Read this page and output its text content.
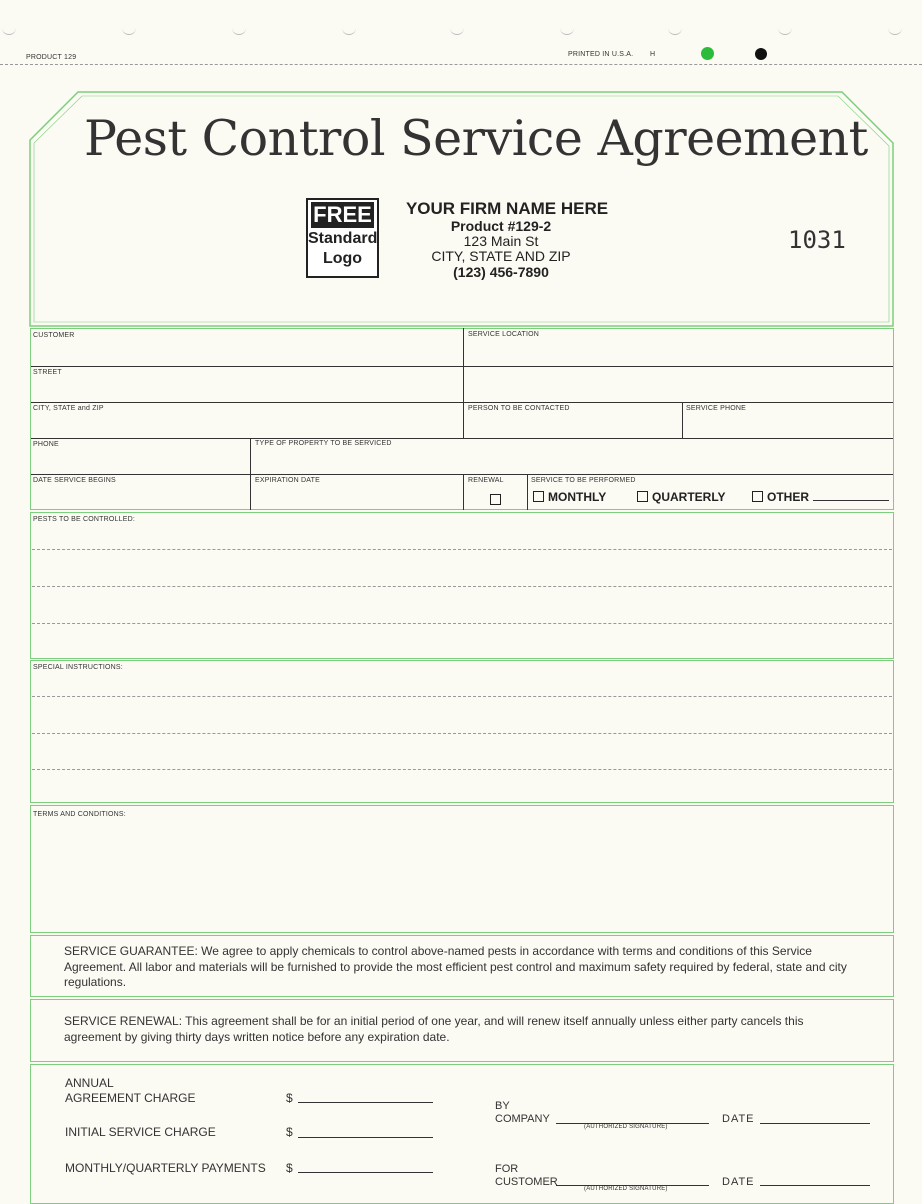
PRODUCT 129	PRINTED IN U.S.A. H
Pest Control Service Agreement
FREE
Standard
Logo
YOUR FIRM NAME HERE
Product #129-2
123 Main St
CITY, STATE AND ZIP
(123) 456-7890
1031
CUSTOMER	SERVICE LOCATION
STREET
CITY, STATE and ZIP	PERSON TO BE CONTACTED	SERVICE PHONE
PHONE	TYPE OF PROPERTY TO BE SERVICED
DATE SERVICE BEGINS	EXPIRATION DATE	RENEWAL	SERVICE TO BE PERFORMED
MONTHLY	QUARTERLY	OTHER
PESTS TO BE CONTROLLED:
SPECIAL INSTRUCTIONS:
TERMS AND CONDITIONS:
SERVICE GUARANTEE: We agree to apply chemicals to control above-named pests in accordance with terms and conditions of this Service Agreement. All labor and materials will be furnished to provide the most efficient pest control and maximum safety required by federal, state and city regulations.
SERVICE RENEWAL: This agreement shall be for an initial period of one year, and will renew itself annually unless either party cancels this agreement by giving thirty days written notice before any expiration date.
ANNUAL
AGREEMENT CHARGE	$
INITIAL SERVICE CHARGE	$
MONTHLY/QUARTERLY PAYMENTS $
BY
COMPANY
(AUTHORIZED SIGNATURE)
DATE
FOR
CUSTOMER
(AUTHORIZED SIGNATURE)
DATE
